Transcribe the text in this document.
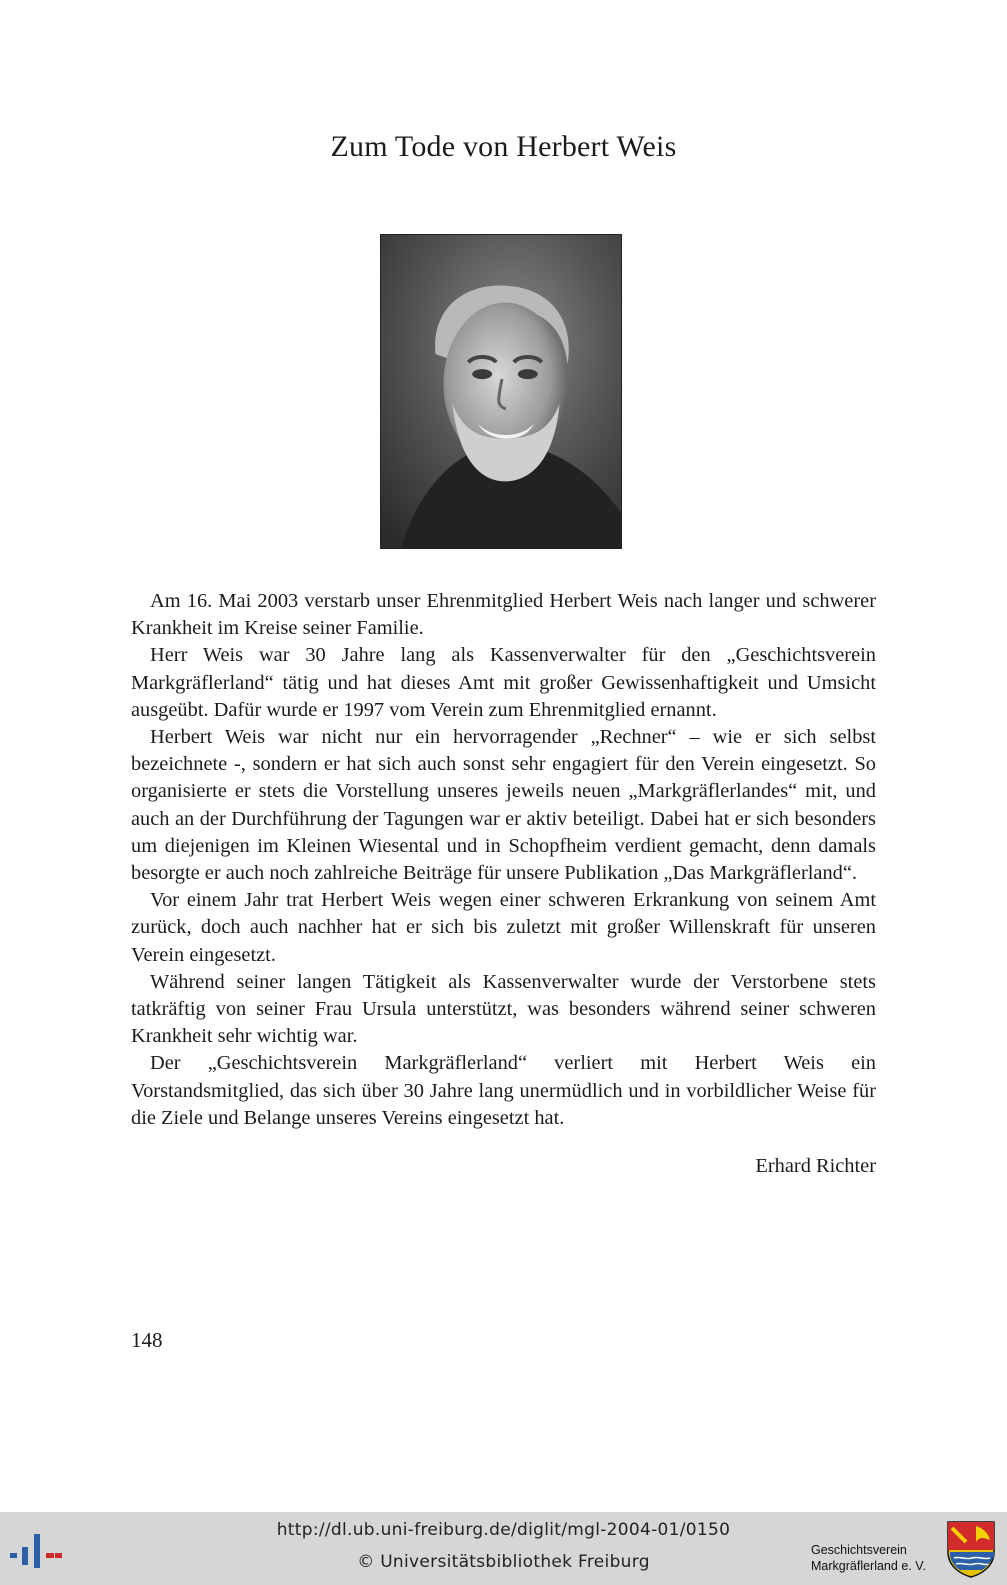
Zum Tode von Herbert Weis

Am 16. Mai 2003 verstarb unser Ehrenmitglied Herbert Weis nach langer und schwerer Krankheit im Kreise seiner Familie.

Herr Weis war 30 Jahre lang als Kassenverwalter für den „Geschichtsverein Markgräflerland“ tätig und hat dieses Amt mit großer Gewissenhaftigkeit und Umsicht ausgeübt. Dafür wurde er 1997 vom Verein zum Ehrenmitglied ernannt.

Herbert Weis war nicht nur ein hervorragender „Rechner“ – wie er sich selbst bezeichnete -, sondern er hat sich auch sonst sehr engagiert für den Verein eingesetzt. So organisierte er stets die Vorstellung unseres jeweils neuen „Markgräflerlandes“ mit, und auch an der Durchführung der Tagungen war er aktiv beteiligt. Dabei hat er sich besonders um diejenigen im Kleinen Wiesental und in Schopfheim verdient gemacht, denn damals besorgte er auch noch zahlreiche Beiträge für unsere Publikation „Das Markgräflerland“.

Vor einem Jahr trat Herbert Weis wegen einer schweren Erkrankung von seinem Amt zurück, doch auch nachher hat er sich bis zuletzt mit großer Willenskraft für unseren Verein eingesetzt.

Während seiner langen Tätigkeit als Kassenverwalter wurde der Verstorbene stets tatkräftig von seiner Frau Ursula unterstützt, was besonders während seiner schweren Krankheit sehr wichtig war.

Der „Geschichtsverein Markgräflerland“ verliert mit Herbert Weis ein Vorstandsmitglied, das sich über 30 Jahre lang unermüdlich und in vorbildlicher Weise für die Ziele und Belange unseres Vereins eingesetzt hat.

Erhard Richter
148
http://dl.ub.uni-freiburg.de/diglit/mgl-2004-01/0150
© Universitätsbibliothek Freiburg
Geschichtsverein
Markgräflerland e. V.
